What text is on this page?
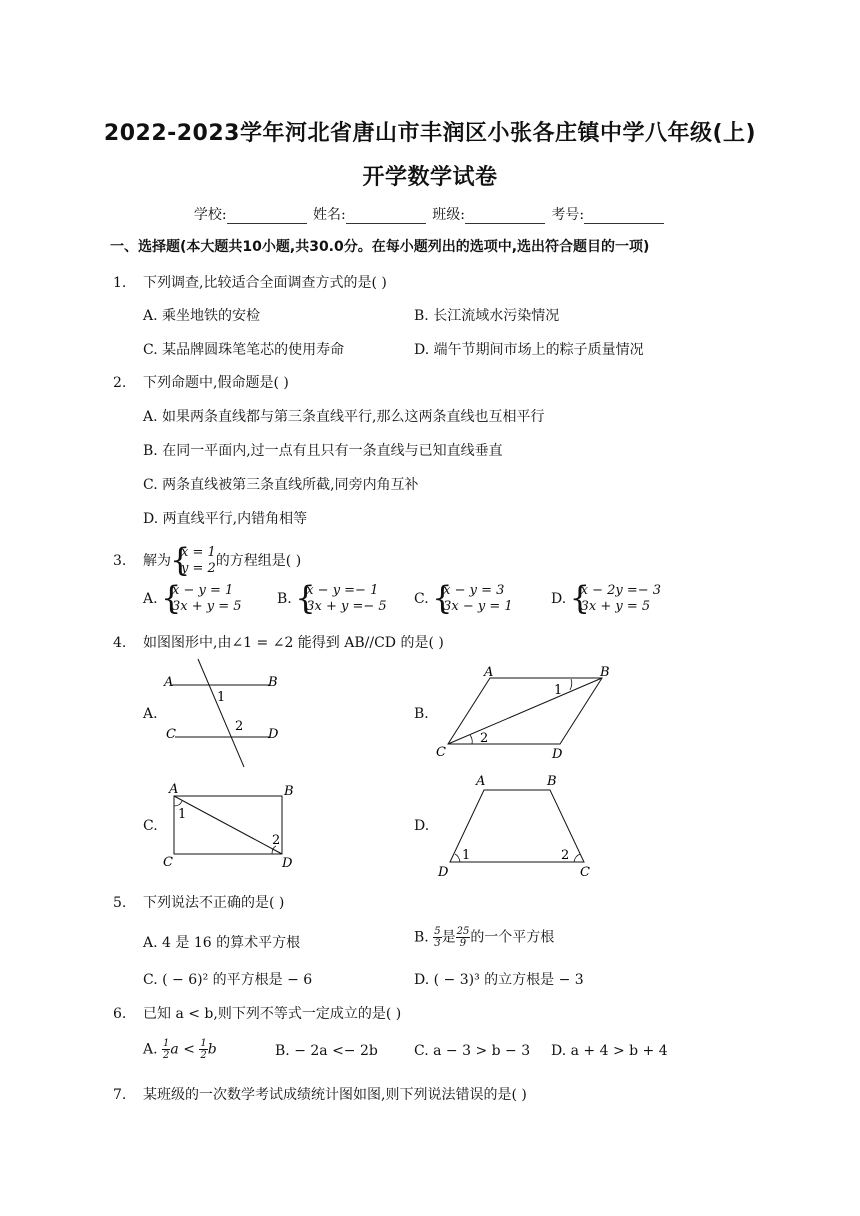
2022-2023学年河北省唐山市丰润区小张各庄镇中学八年级(上)
开学数学试卷
学校:	姓名:	班级:	考号:
一、选择题(本大题共10小题,共30.0分。在每小题列出的选项中,选出符合题目的一项)
1. 下列调查,比较适合全面调查方式的是( )
A. 乘坐地铁的安检	B. 长江流域水污染情况
C. 某品牌圆珠笔笔芯的使用寿命	D. 端午节期间市场上的粽子质量情况
2. 下列命题中,假命题是( )
A. 如果两条直线都与第三条直线平行,那么这两条直线也互相平行
B. 在同一平面内,过一点有且只有一条直线与已知直线垂直
C. 两条直线被第三条直线所截,同旁内角互补
D. 两直线平行,内错角相等
3. 解为
{ x = 1
y = 2 的方程组是( )
A.
{ x − y = 1
3x + y = 5	B.
{ x − y =− 1
3x + y =− 5 C.
{ x − y = 3
3x − y = 1	D.
{ x − 2y =− 3
3x + y = 5
4. 如图图形中,由∠1 = ∠2 能得到 AB//CD 的是( )
A.
A	B
C	D
1
2
B.
A	B
C	D
1
2
C.
A	B
C	D
1
2
D.
A	B
D	C
1	2
5. 下列说法不正确的是( )
A. 4 是 16 的算术平方根	B. $\frac{5}{3}$ 是 $\frac{25}{9}$ 的一个平方根
C. ( − 6)² 的平方根是 − 6	D. ( − 3)³ 的立方根是 − 3
6. 已知 a < b,则下列不等式一定成立的是( )
A. $\frac{1}{2}$ $a < \frac{1}{2}$ b	B. − 2a <− 2b	C. a − 3 > b − 3 D. a + 4 > b + 4
7. 某班级的一次数学考试成绩统计图如图,则下列说法错误的是( )
